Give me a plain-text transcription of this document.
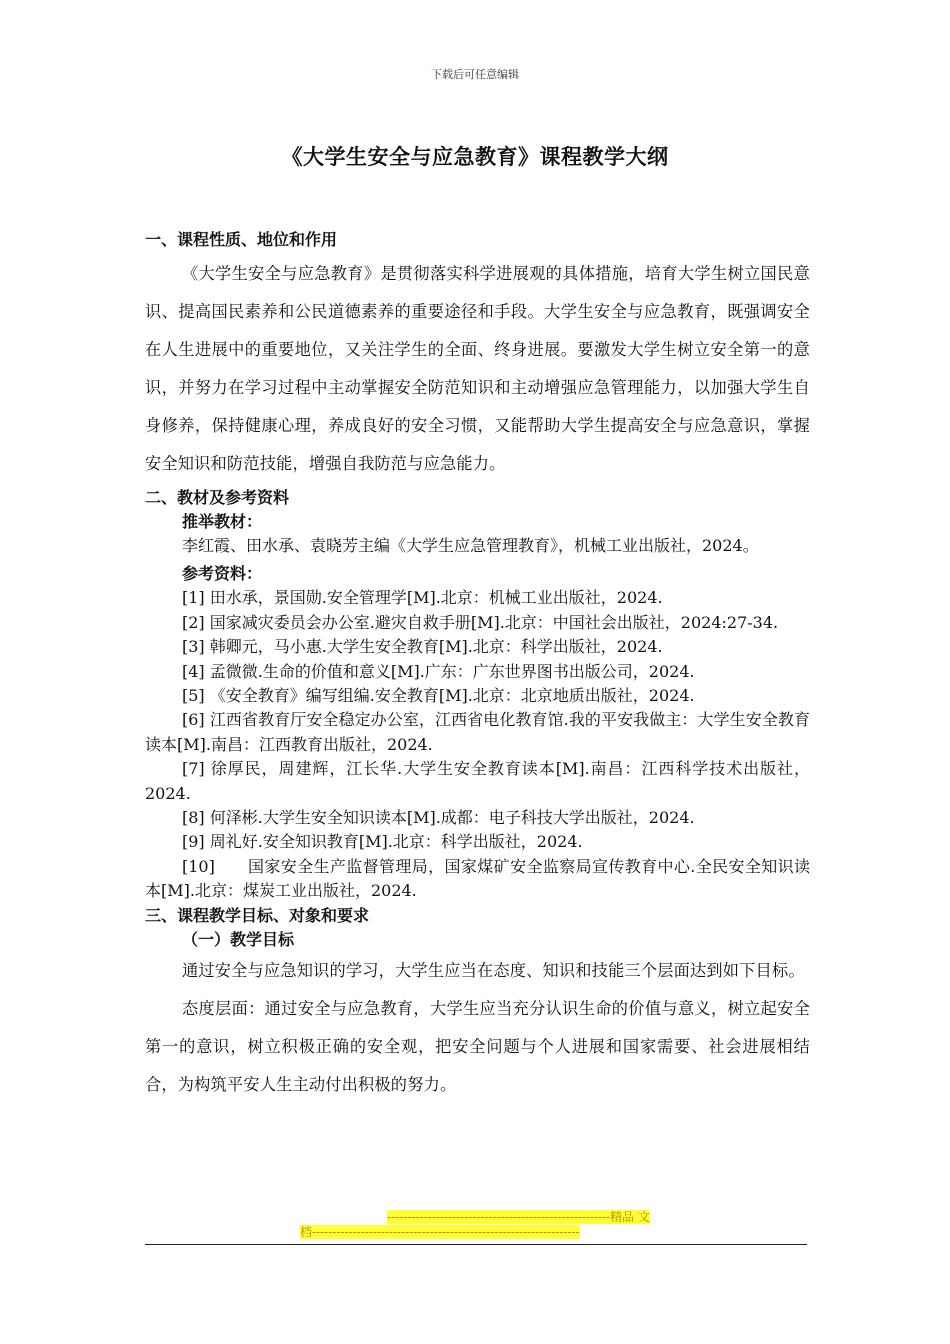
下载后可任意编辑
《大学生安全与应急教育》课程教学大纲

一、课程性质、地位和作用

《大学生安全与应急教育》是贯彻落实科学进展观的具体措施，培育大学生树立国民意识、提高国民素养和公民道德素养的重要途径和手段。大学生安全与应急教育，既强调安全在人生进展中的重要地位，又关注学生的全面、终身进展。要激发大学生树立安全第一的意识，并努力在学习过程中主动掌握安全防范知识和主动增强应急管理能力，以加强大学生自身修养，保持健康心理，养成良好的安全习惯，又能帮助大学生提高安全与应急意识，掌握安全知识和防范技能，增强自我防范与应急能力。

二、教材及参考资料

推举教材：

李红霞、田水承、袁晓芳主编《大学生应急管理教育》，机械工业出版社，2024。

参考资料：

[1] 田水承，景国勋.安全管理学[M].北京：机械工业出版社，2024.

[2] 国家减灾委员会办公室.避灾自救手册[M].北京：中国社会出版社，2024:27-34.

[3] 韩卿元，马小惠.大学生安全教育[M].北京：科学出版社，2024.

[4] 孟微微.生命的价值和意义[M].广东：广东世界图书出版公司，2024.

[5] 《安全教育》编写组编.安全教育[M].北京：北京地质出版社，2024.

[6] 江西省教育厅安全稳定办公室，江西省电化教育馆.我的平安我做主：大学生安全教育读本[M].南昌：江西教育出版社，2024.

[7] 徐厚民，周建辉，江长华.大学生安全教育读本[M].南昌：江西科学技术出版社，2024.

[8] 何泽彬.大学生安全知识读本[M].成都：电子科技大学出版社，2024.

[9] 周礼好.安全知识教育[M].北京：科学出版社，2024.

[10]　　国家安全生产监督管理局，国家煤矿安全监察局宣传教育中心.全民安全知识读本[M].北京：煤炭工业出版社，2024.

三、课程教学目标、对象和要求

（一）教学目标

通过安全与应急知识的学习，大学生应当在态度、知识和技能三个层面达到如下目标。

态度层面：通过安全与应急教育，大学生应当充分认识生命的价值与意义，树立起安全第一的意识，树立积极正确的安全观，把安全问题与个人进展和国家需要、社会进展相结合，为构筑平安人生主动付出积极的努力。

-------------------------------------------------------精品 文
档------------------------------------------------------------------
